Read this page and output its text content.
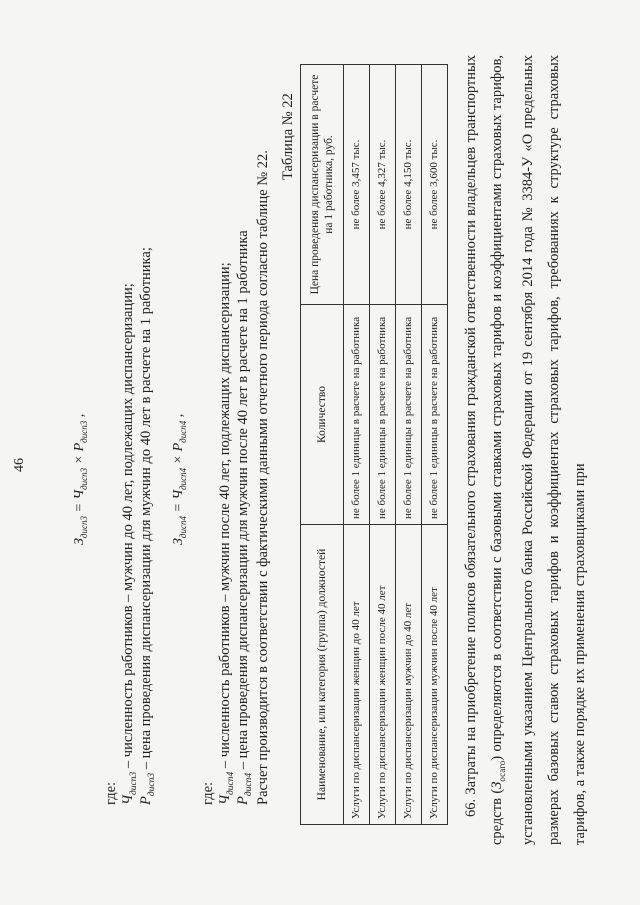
46
$З_{дисп3} = Ч_{дисп3} \times Р_{дисп3}$ ,
где: $Ч_{дисп3}$ – численность работников – мужчин до 40 лет, подлежащих диспансеризации;
$Р_{дисп3}$ – цена проведения диспансеризации для мужчин до 40 лет в расчете на 1 работника; $З_{дисп4} = Ч_{дисп4} \times Р_{дисп4}$ ,
где: $Ч_{дисп4}$ – численность работников – мужчин после 40 лет, подлежащих диспансеризации;
$Р_{дисп4}$ – цена проведения диспансеризации для мужчин после 40 лет в расчете на 1 работника Расчет производится в соответствии с фактическими данными отчетного периода согласно таблице № 22.
Таблица № 22
Наименование, или категория (группа) должностей	Количество	Цена проведения диспансеризации в расчете на 1 работника, руб.
Услуги по диспансеризации женщин до 40 лет	не более 1 единицы в расчете на работника	не более 3,457 тыс.
Услуги по диспансеризации женщин после 40 лет	не более 1 единицы в расчете на работника	не более 4,327 тыс.
Услуги по диспансеризации мужчин до 40 лет	не более 1 единицы в расчете на работника	не более 4,150 тыс.
Услуги по диспансеризации мужчин после 40 лет	не более 1 единицы в расчете на работника	не более 3,600 тыс.	66. Затраты на приобретение полисов обязательного страхования гражданской ответственности владельцев транспортных средств $(З_{осаго})$ определяются в соответствии с базовыми ставками страховых тарифов и коэффициентами страховых тарифов, установленными указанием Центрального банка Российской Федерации от 19 сентября 2014 года № 3384-У «О предельных размерах базовых ставок страховых тарифов и коэффициентах страховых тарифов, требованиях к структуре страховых тарифов, а также порядке их применения страховщиками при
